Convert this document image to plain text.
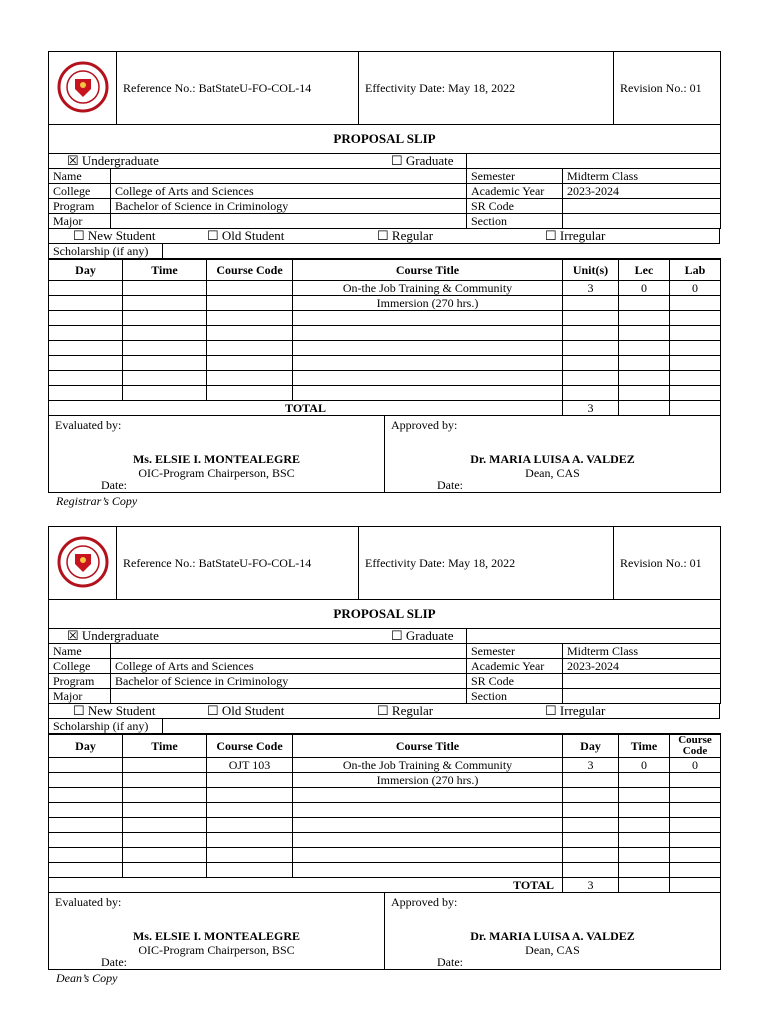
	Reference No.: BatStateU-FO-COL-14	Effectivity Date: May 18, 2022	Revision No.: 01
PROPOSAL SLIP			
☒ Undergraduate		☐ Graduate	
Name		Semester	Midterm Class
College	College of Arts and Sciences	Academic Year	2023-2024
Program	Bachelor of Science in Criminology	SR Code	
Major		Section	
☐ New Student	☐ Old Student	☐ Regular	☐ Irregular
Scholarship (if any)	
Day	Time	Course Code	Course Title	Unit(s)	Lec	Lab
			On-the Job Training & Community	3	0	0
			Immersion (270 hrs.)			

TOTAL				3		
Evaluated by:
Ms. ELSIE I. MONTEALEGRE
OIC-Program Chairperson, BSC
Date:

Approved by:
Dr. MARIA LUISA A. VALDEZ
Dean, CAS
Date:
Registrar’s Copy
	Reference No.: BatStateU-FO-COL-14	Effectivity Date: May 18, 2022	Revision No.: 01
PROPOSAL SLIP			
☒ Undergraduate		☐ Graduate	
Name		Semester	Midterm Class
College	College of Arts and Sciences	Academic Year	2023-2024
Program	Bachelor of Science in Criminology	SR Code	
Major		Section	
☐ New Student	☐ Old Student	☐ Regular	☐ Irregular
Scholarship (if any)	
Day	Time	Course Code	Course Title	Day	Time	Course Code
		OJT 103	On-the Job Training & Community	3	0	0
			Immersion (270 hrs.)			

TOTAL				3		
Evaluated by:
Ms. ELSIE I. MONTEALEGRE
OIC-Program Chairperson, BSC
Date:

Approved by:
Dr. MARIA LUISA A. VALDEZ
Dean, CAS
Date:
Dean’s Copy
